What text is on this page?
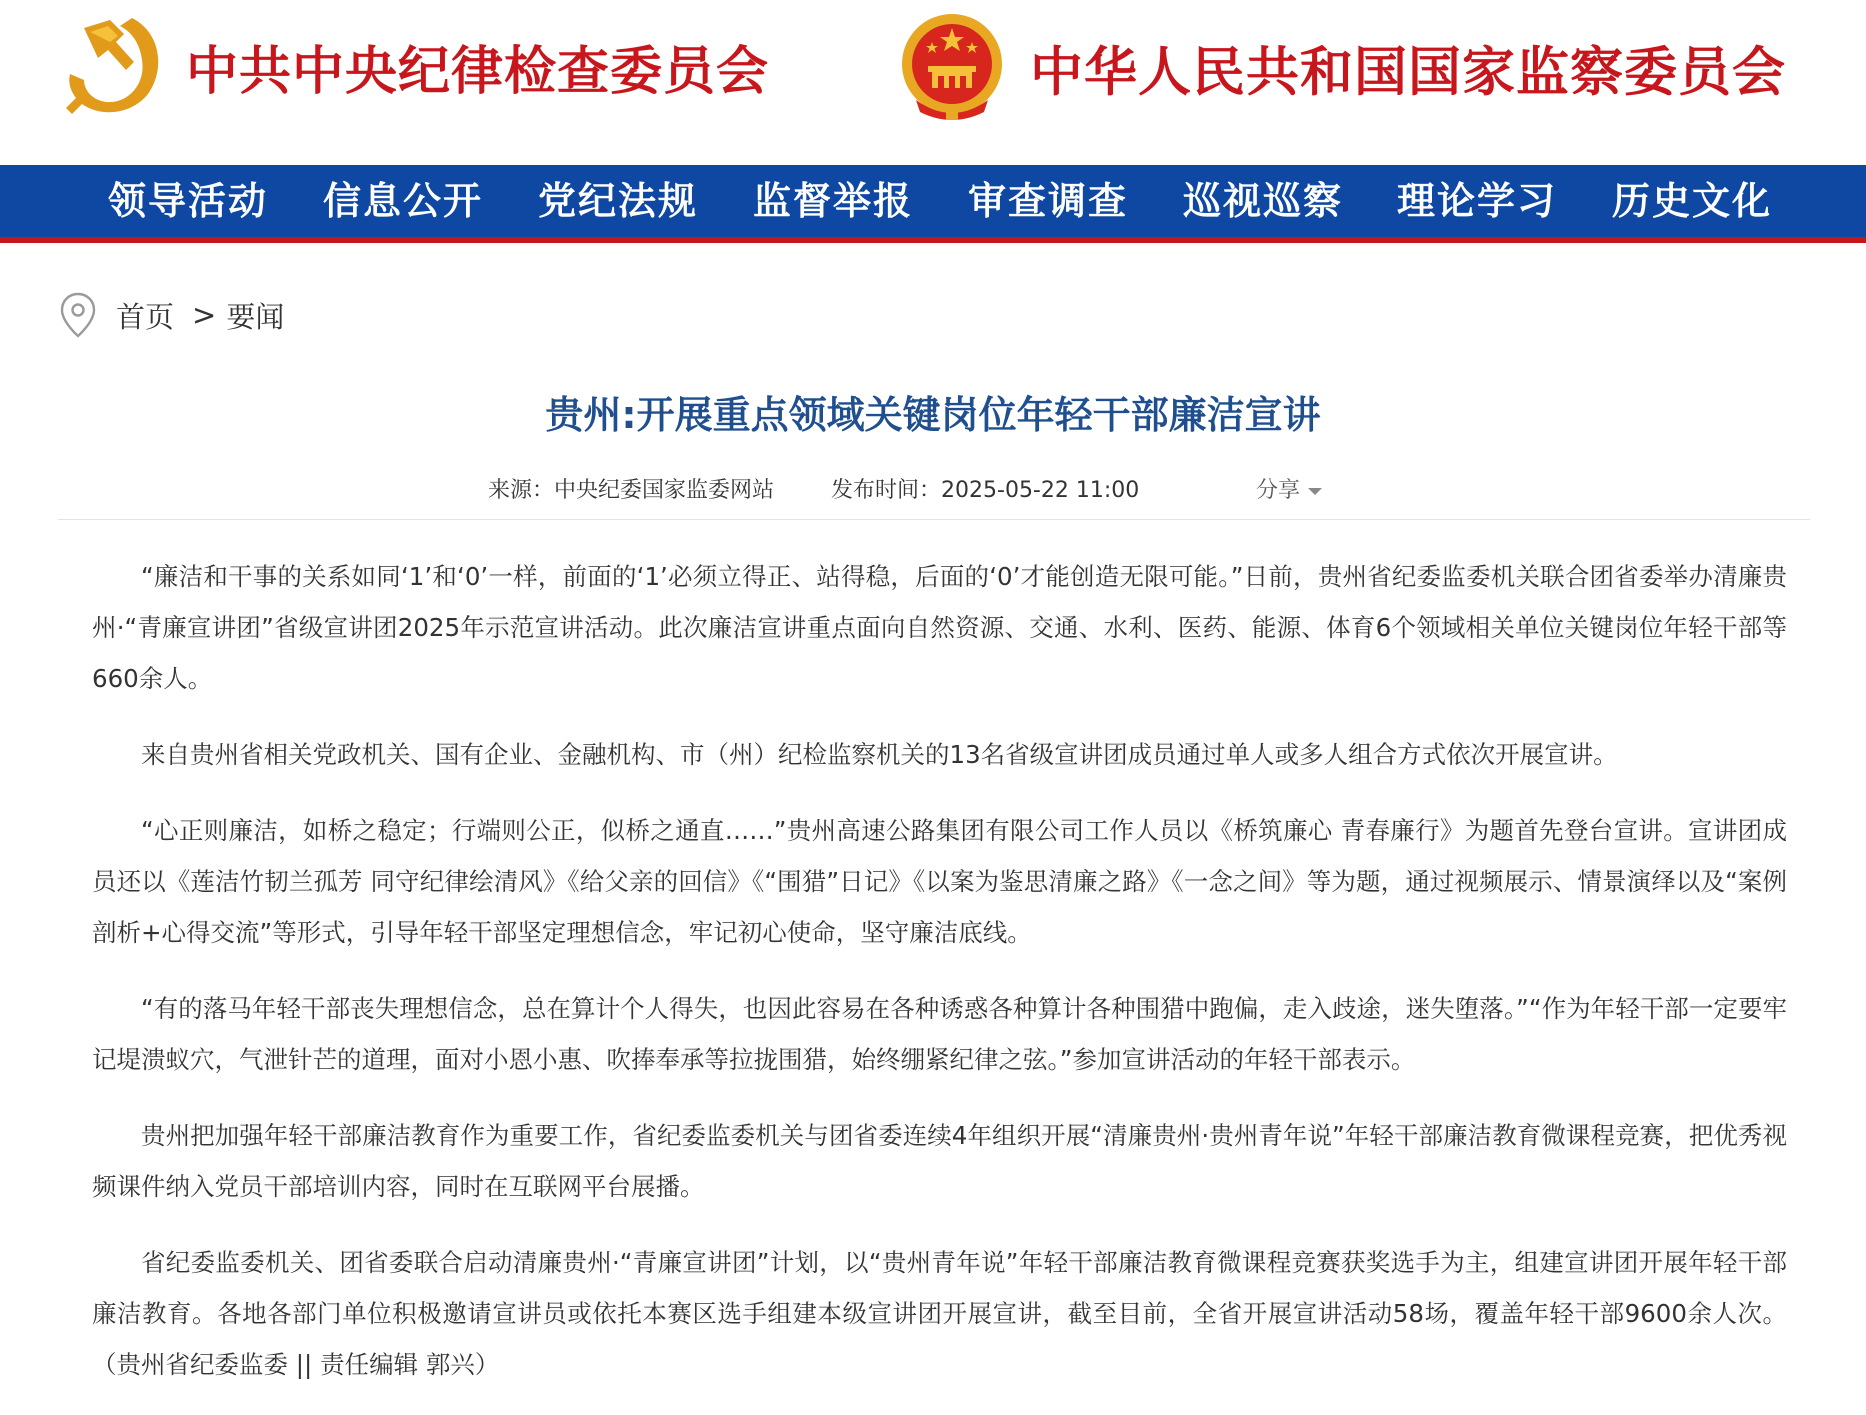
中共中央纪律检查委员会	中华人民共和国国家监察委员会
领导活动 信息公开 党纪法规 监督举报 审查调查 巡视巡察 理论学习 历史文化
首页 > 要闻
贵州:开展重点领域关键岗位年轻干部廉洁宣讲
来源：中央纪委国家监委网站	发布时间：2025-05-22 11:00	分享

“廉洁和干事的关系如同‘1’和‘0’一样，前面的‘1’必须立得正、站得稳，后面的‘0’才能创造无限可能。”日前，贵州省纪委监委机关联合团省委举办清廉贵州·“青廉宣讲团”省级宣讲团2025年示范宣讲活动。此次廉洁宣讲重点面向自然资源、交通、水利、医药、能源、体育6个领域相关单位关键岗位年轻干部等660余人。

来自贵州省相关党政机关、国有企业、金融机构、市（州）纪检监察机关的13名省级宣讲团成员通过单人或多人组合方式依次开展宣讲。

“心正则廉洁，如桥之稳定；行端则公正，似桥之通直……”贵州高速公路集团有限公司工作人员以《桥筑廉心 青春廉行》为题首先登台宣讲。宣讲团成员还以《莲洁竹韧兰孤芳 同守纪律绘清风》《给父亲的回信》《“围猎”日记》《以案为鉴思清廉之路》《一念之间》等为题，通过视频展示、情景演绎以及“案例剖析+心得交流”等形式，引导年轻干部坚定理想信念，牢记初心使命，坚守廉洁底线。

“有的落马年轻干部丧失理想信念，总在算计个人得失，也因此容易在各种诱惑各种算计各种围猎中跑偏，走入歧途，迷失堕落。”“作为年轻干部一定要牢记堤溃蚁穴，气泄针芒的道理，面对小恩小惠、吹捧奉承等拉拢围猎，始终绷紧纪律之弦。”参加宣讲活动的年轻干部表示。

贵州把加强年轻干部廉洁教育作为重要工作，省纪委监委机关与团省委连续4年组织开展“清廉贵州·贵州青年说”年轻干部廉洁教育微课程竞赛，把优秀视频课件纳入党员干部培训内容，同时在互联网平台展播。

省纪委监委机关、团省委联合启动清廉贵州·“青廉宣讲团”计划，以“贵州青年说”年轻干部廉洁教育微课程竞赛获奖选手为主，组建宣讲团开展年轻干部廉洁教育。各地各部门单位积极邀请宣讲员或依托本赛区选手组建本级宣讲团开展宣讲，截至目前，全省开展宣讲活动58场，覆盖年轻干部9600余人次。（贵州省纪委监委 || 责任编辑 郭兴）
